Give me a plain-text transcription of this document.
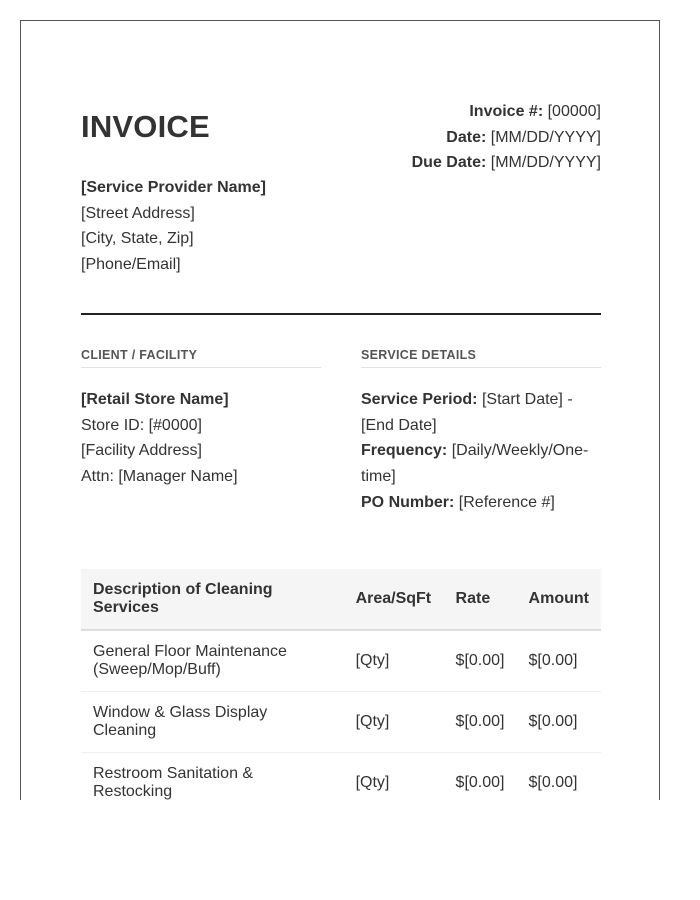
INVOICE	Invoice #: [00000]
Date: [MM/DD/YYYY]
Due Date: [MM/DD/YYYY]
[Service Provider Name]
[Street Address]
[City, State, Zip]
[Phone/Email]
CLIENT / FACILITY
[Retail Store Name]
Store ID: [#0000]
[Facility Address]
Attn: [Manager Name]
SERVICE DETAILS
Service Period: [Start Date] - [End Date]
Frequency: [Daily/Weekly/One-time]
PO Number: [Reference #]
Description of Cleaning Services	Area/SqFt	Rate	Amount
General Floor Maintenance (Sweep/Mop/Buff)	[Qty]	$[0.00]	$[0.00]
Window & Glass Display Cleaning	[Qty]	$[0.00]	$[0.00]
Restroom Sanitation & Restocking	[Qty]	$[0.00]	$[0.00]
